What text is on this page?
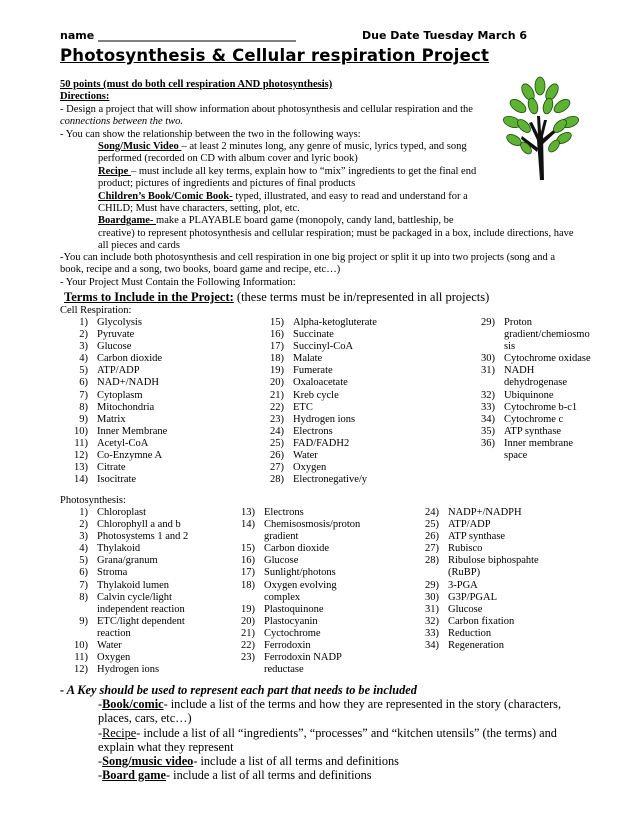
name ____________________________________	Due Date Tuesday March 6
Photosynthesis & Cellular respiration Project
50 points (must do both cell respiration AND photosynthesis)
Directions:
- Design a project that will show information about photosynthesis and cellular respiration and the
connections between the two.
- You can show the relationship between the two in the following ways:
Song/Music Video – at least 2 minutes long, any genre of music, lyrics typed, and song
performed (recorded on CD with album cover and lyric book)
Recipe – must include all key terms, explain how to “mix” ingredients to get the final end
product; pictures of ingredients and pictures of final products
Children’s Book/Comic Book- typed, illustrated, and easy to read and understand for a
CHILD; Must have characters, setting, plot, etc.
Boardgame- make a PLAYABLE board game (monopoly, candy land, battleship, be
creative) to represent photosynthesis and cellular respiration; must be packaged in a box, include directions, have
all pieces and cards
-You can include both photosynthesis and cell respiration in one big project or split it up into two projects (song and a
book, recipe and a song, two books, board game and recipe, etc…)
- Your Project Must Contain the Following Information:
Terms to Include in the Project: (these terms must be in/represented in all projects)
Cell Respiration:
1) Glycolysis
2) Pyruvate
3) Glucose
4) Carbon dioxide
5) ATP/ADP
6) NAD+/NADH
7) Cytoplasm
8) Mitochondria
9) Matrix
10) Inner Membrane
11) Acetyl-CoA
12) Co-Enzymne A
13) Citrate
14) Isocitrate
15) Alpha-ketogluterate
16) Succinate
17) Succinyl-CoA
18) Malate
19) Fumerate
20) Oxaloacetate
21) Kreb cycle
22) ETC
23) Hydrogen ions
24) Electrons
25) FAD/FADH2
26) Water
27) Oxygen
28) Electronegative/y
29) Proton
gradient/chemiosmo
sis
30) Cytochrome oxidase
31) NADH
dehydrogenase
32) Ubiquinone
33) Cytochrome b-c1
34) Cytochrome c
35) ATP synthase
36) Inner membrane
space
Photosynthesis:
1) Chloroplast
2) Chlorophyll a and b
3) Photosystems 1 and 2
4) Thylakoid
5) Grana/granum
6) Stroma
7) Thylakoid lumen
8) Calvin cycle/light
independent reaction
9) ETC/light dependent
reaction
10) Water
11) Oxygen
12) Hydrogen ions
13) Electrons
14) Chemisosmosis/proton
gradient
15) Carbon dioxide
16) Glucose
17) Sunlight/photons
18) Oxygen evolving
complex
19) Plastoquinone
20) Plastocyanin
21) Cyctochrome
22) Ferrodoxin
23) Ferrodoxin NADP
reductase
24) NADP+/NADPH
25) ATP/ADP
26) ATP synthase
27) Rubisco
28) Ribulose biphospahte
(RuBP)
29) 3-PGA
30) G3P/PGAL
31) Glucose
32) Carbon fixation
33) Reduction
34) Regeneration
- A Key should be used to represent each part that needs to be included
-Book/comic- include a list of the terms and how they are represented in the story (characters,
places, cars, etc…)
-Recipe- include a list of all “ingredients”, “processes” and “kitchen utensils” (the terms) and
explain what they represent
-Song/music video- include a list of all terms and definitions
-Board game- include a list of all terms and definitions
